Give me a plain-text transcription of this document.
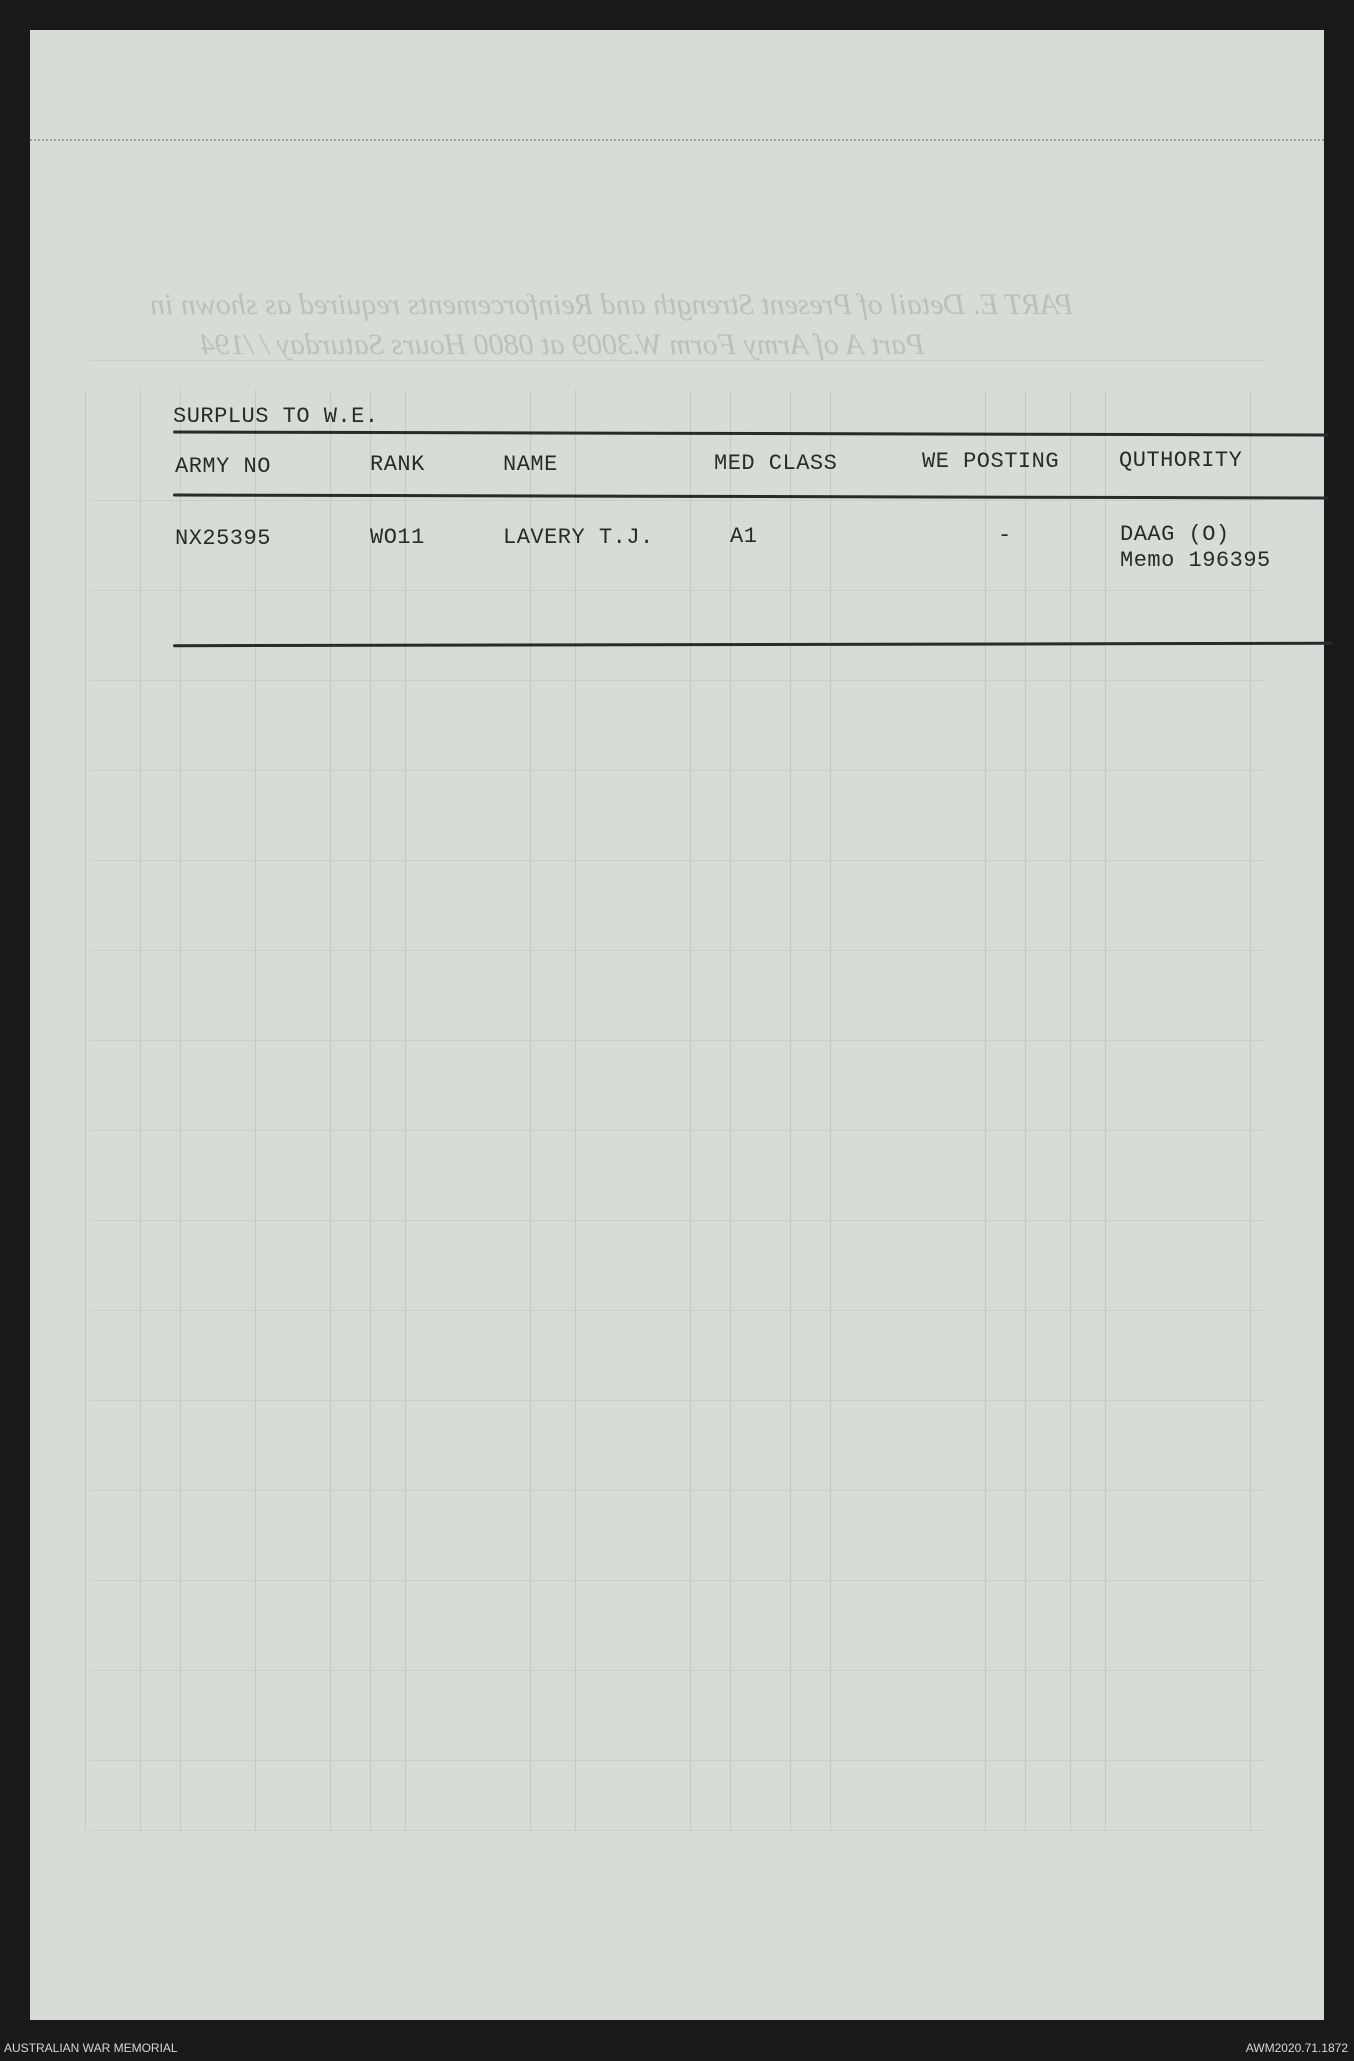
PART E. Detail of Present Strength and Reinforcements required as shown in
Part A of Army Form W.3009 at 0800 Hours Saturday / /194
SURPLUS TO W.E.
ARMY NO	RANK	NAME	MED CLASS	WE POSTING	QUTHORITY
NX25395	WO11	LAVERY T.J.	A1	-	DAAG (O)
Memo 196395
AUSTRALIAN WAR MEMORIAL	AWM2020.71.1872
